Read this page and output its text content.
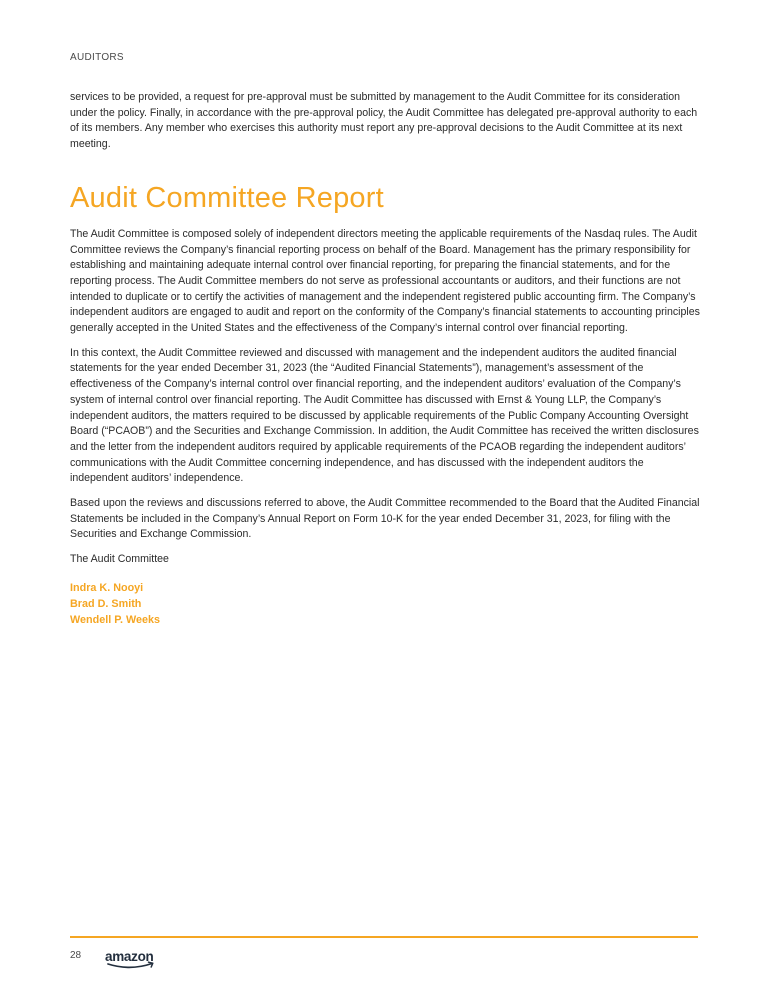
AUDITORS

services to be provided, a request for pre-approval must be submitted by management to the Audit Committee for its consideration under the policy. Finally, in accordance with the pre-approval policy, the Audit Committee has delegated pre-approval authority to each of its members. Any member who exercises this authority must report any pre-approval decisions to the Audit Committee at its next meeting.

Audit Committee Report

The Audit Committee is composed solely of independent directors meeting the applicable requirements of the Nasdaq rules. The Audit Committee reviews the Company’s financial reporting process on behalf of the Board. Management has the primary responsibility for establishing and maintaining adequate internal control over financial reporting, for preparing the financial statements, and for the reporting process. The Audit Committee members do not serve as professional accountants or auditors, and their functions are not intended to duplicate or to certify the activities of management and the independent registered public accounting firm. The Company’s independent auditors are engaged to audit and report on the conformity of the Company’s financial statements to accounting principles generally accepted in the United States and the effectiveness of the Company’s internal control over financial reporting.

In this context, the Audit Committee reviewed and discussed with management and the independent auditors the audited financial statements for the year ended December 31, 2023 (the “Audited Financial Statements”), management’s assessment of the effectiveness of the Company’s internal control over financial reporting, and the independent auditors’ evaluation of the Company’s system of internal control over financial reporting. The Audit Committee has discussed with Ernst & Young LLP, the Company’s independent auditors, the matters required to be discussed by applicable requirements of the Public Company Accounting Oversight Board (“PCAOB”) and the Securities and Exchange Commission. In addition, the Audit Committee has received the written disclosures and the letter from the independent auditors required by applicable requirements of the PCAOB regarding the independent auditors’ communications with the Audit Committee concerning independence, and has discussed with the independent auditors the independent auditors’ independence.

Based upon the reviews and discussions referred to above, the Audit Committee recommended to the Board that the Audited Financial Statements be included in the Company’s Annual Report on Form 10-K for the year ended December 31, 2023, for filing with the Securities and Exchange Commission.

The Audit Committee

Indra K. Nooyi

Brad D. Smith

Wendell P. Weeks

28 amazon
